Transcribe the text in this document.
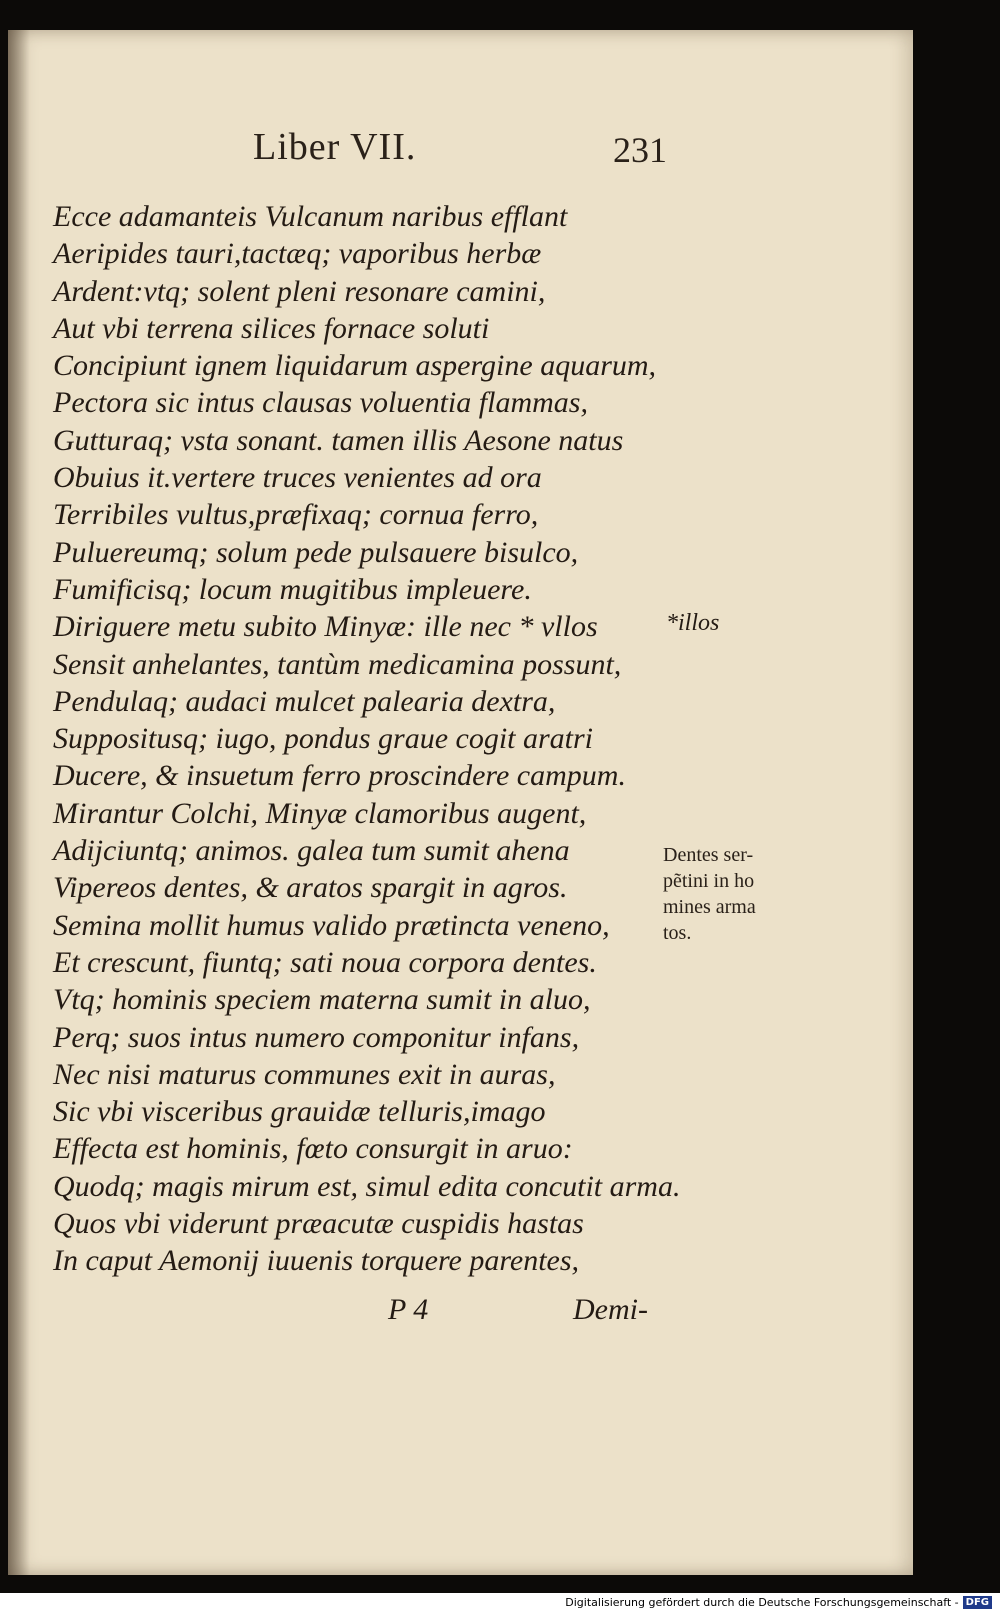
Liber VII.	231
Ecce adamanteis Vulcanum naribus efflant
Aeripides tauri,tactæq; vaporibus herbæ
Ardent:vtq; solent pleni resonare camini,
Aut vbi terrena silices fornace soluti
Concipiunt ignem liquidarum aspergine aquarum,
Pectora sic intus clausas voluentia flammas,
Gutturaq; vsta sonant. tamen illis Aesone natus
Obuius it.vertere truces venientes ad ora
Terribiles vultus,præfixaq; cornua ferro,
Puluereumq; solum pede pulsauere bisulco,
Fumificisq; locum mugitibus impleuere.
Diriguere metu subito Minyæ: ille nec * vllos
Sensit anhelantes, tantùm medicamina possunt,
Pendulaq; audaci mulcet palearia dextra,
Suppositusq; iugo, pondus graue cogit aratri
Ducere, & insuetum ferro proscindere campum.
Mirantur Colchi, Minyæ clamoribus augent,
Adijciuntq; animos. galea tum sumit ahena
Vipereos dentes, & aratos spargit in agros.
Semina mollit humus valido prætincta veneno,
Et crescunt, fiuntq; sati noua corpora dentes.
Vtq; hominis speciem materna sumit in aluo,
Perq; suos intus numero componitur infans,
Nec nisi maturus communes exit in auras,
Sic vbi visceribus grauidæ telluris,imago
Effecta est hominis, fœto consurgit in aruo:
Quodq; magis mirum est, simul edita concutit arma.
Quos vbi viderunt præacutæ cuspidis hastas
In caput Aemonij iuuenis torquere parentes,
*illos
Dentes ser-
pẽtini in ho
mines arma
tos.
P 4	Demi-
Digitalisierung gefördert durch die Deutsche Forschungsgemeinschaft - DFG
